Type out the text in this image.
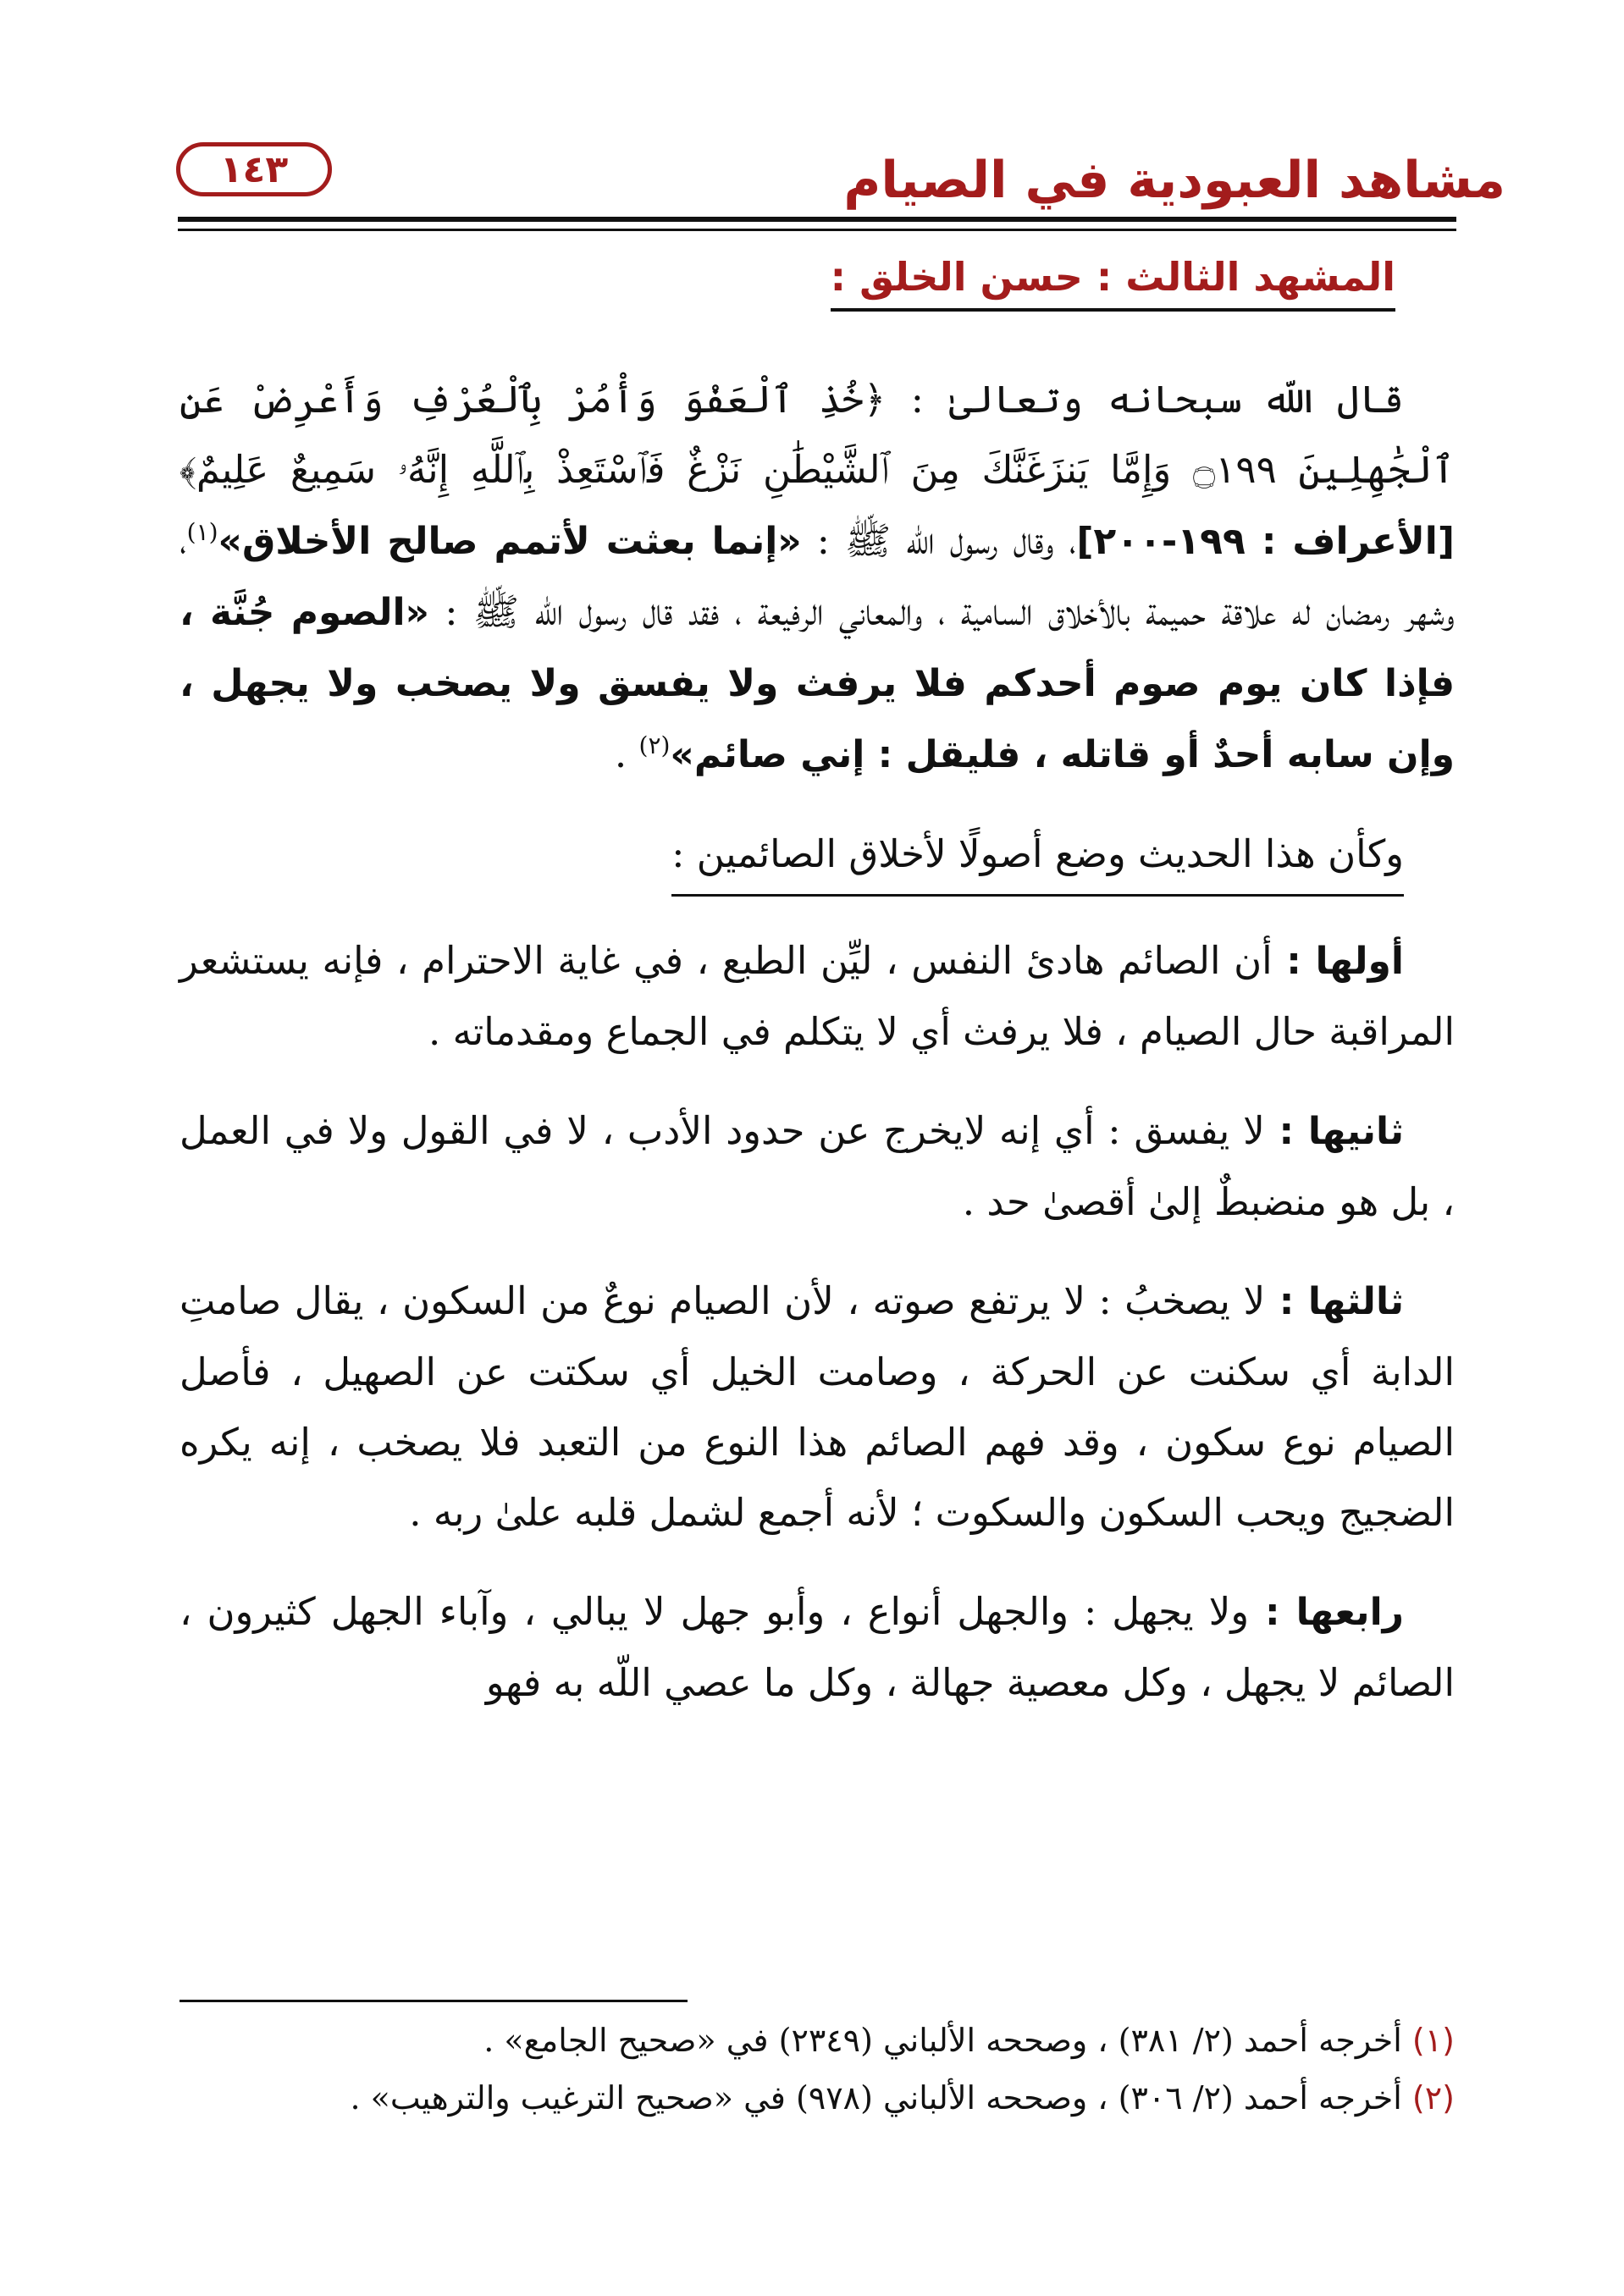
مشاهد العبودية في الصيام
١٤٣
المشهد الثالث : حسن الخلق :

قال اللّه سبحانه وتعالىٰ : ﴿خُذِ ٱلْعَفْوَ وَأْمُرْ بِٱلْعُرْفِ وَأَعْرِضْ عَنِ ٱلْجَٰهِلِينَ ۝١٩٩ وَإِمَّا يَنزَغَنَّكَ مِنَ ٱلشَّيْطَٰنِ نَزْغٌ فَٱسْتَعِذْ بِٱللَّهِ إِنَّهُۥ سَمِيعٌ عَلِيمٌ﴾ [الأعراف : ١٩٩-٢٠٠]، وقال رسول اللّه ﷺ : «إنما بعثت لأتمم صالح الأخلاق»$^{(١)}$، وشهر رمضان له علاقة حميمة بالأخلاق السامية ، والمعاني الرفيعة ، فقد قال رسول اللّه ﷺ : «الصوم جُنَّة ، فإذا كان يوم صوم أحدكم فلا يرفث ولا يفسق ولا يصخب ولا يجهل ، وإن سابه أحدٌ أو قاتله ، فليقل : إني صائم»$^{(٢)}$ .

وكأن هذا الحديث وضع أصولًا لأخلاق الصائمين :

أولها : أن الصائم هادئ النفس ، ليِّن الطبع ، في غاية الاحترام ، فإنه يستشعر المراقبة حال الصيام ، فلا يرفث أي لا يتكلم في الجماع ومقدماته .

ثانيها : لا يفسق : أي إنه لايخرج عن حدود الأدب ، لا في القول ولا في العمل ، بل هو منضبطٌ إلىٰ أقصىٰ حد .

ثالثها : لا يصخبُ : لا يرتفع صوته ، لأن الصيام نوعٌ من السكون ، يقال صامتِ الدابة أي سكنت عن الحركة ، وصامت الخيل أي سكتت عن الصهيل ، فأصل الصيام نوع سكون ، وقد فهم الصائم هذا النوع من التعبد فلا يصخب ، إنه يكره الضجيج ويحب السكون والسكوت ؛ لأنه أجمع لشمل قلبه علىٰ ربه .

رابعها : ولا يجهل : والجهل أنواع ، وأبو جهل لا يبالي ، وآباء الجهل كثيرون ، الصائم لا يجهل ، وكل معصية جهالة ، وكل ما عصي اللّه به فهو

(١) أخرجه أحمد (٢/ ٣٨١) ، وصححه الألباني (٢٣٤٩) في «صحيح الجامع» .

(٢) أخرجه أحمد (٢/ ٣٠٦) ، وصححه الألباني (٩٧٨) في «صحيح الترغيب والترهيب» .
